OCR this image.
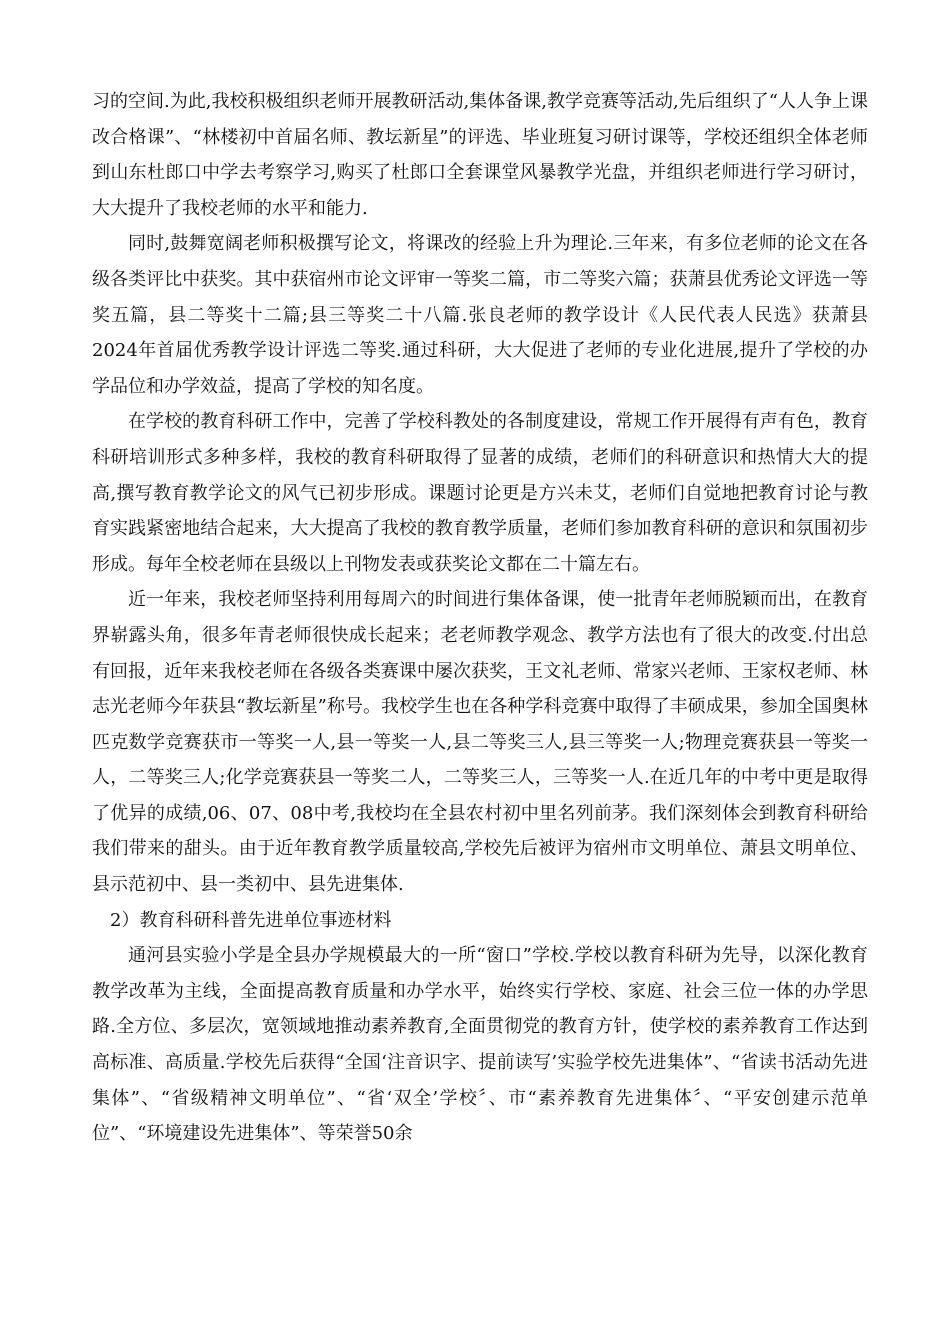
习的空间.为此,我校积极组织老师开展教研活动,集体备课,教学竞赛等活动,先后组织了“人人争上课改合格课”、“林楼初中首届名师、教坛新星”的评选、毕业班复习研讨课等，学校还组织全体老师到山东杜郎口中学去考察学习,购买了杜郎口全套课堂风暴教学光盘，并组织老师进行学习研讨，大大提升了我校老师的水平和能力.

同时,鼓舞宽阔老师积极撰写论文，将课改的经验上升为理论.三年来，有多位老师的论文在各级各类评比中获奖。其中获宿州市论文评审一等奖二篇，市二等奖六篇；获萧县优秀论文评选一等奖五篇，县二等奖十二篇;县三等奖二十八篇.张良老师的教学设计《人民代表人民选》获萧县2024年首届优秀教学设计评选二等奖.通过科研，大大促进了老师的专业化进展,提升了学校的办学品位和办学效益，提高了学校的知名度。

在学校的教育科研工作中，完善了学校科教处的各制度建设，常规工作开展得有声有色，教育科研培训形式多种多样，我校的教育科研取得了显著的成绩，老师们的科研意识和热情大大的提高,撰写教育教学论文的风气已初步形成。课题讨论更是方兴未艾，老师们自觉地把教育讨论与教育实践紧密地结合起来，大大提高了我校的教育教学质量，老师们参加教育科研的意识和氛围初步形成。每年全校老师在县级以上刊物发表或获奖论文都在二十篇左右。

近一年来，我校老师坚持利用每周六的时间进行集体备课，使一批青年老师脱颖而出，在教育界崭露头角，很多年青老师很快成长起来；老老师教学观念、教学方法也有了很大的改变.付出总有回报，近年来我校老师在各级各类赛课中屡次获奖，王文礼老师、常家兴老师、王家权老师、林志光老师今年获县“教坛新星”称号。我校学生也在各种学科竞赛中取得了丰硕成果，参加全国奥林匹克数学竞赛获市一等奖一人,县一等奖一人,县二等奖三人,县三等奖一人;物理竞赛获县一等奖一人，二等奖三人;化学竞赛获县一等奖二人，二等奖三人，三等奖一人.在近几年的中考中更是取得了优异的成绩,06、07、08中考,我校均在全县农村初中里名列前茅。我们深刻体会到教育科研给我们带来的甜头。由于近年教育教学质量较高,学校先后被评为宿州市文明单位、萧县文明单位、县示范初中、县一类初中、县先进集体.

2）教育科研科普先进单位事迹材料

通河县实验小学是全县办学规模最大的一所“窗口”学校.学校以教育科研为先导，以深化教育教学改革为主线，全面提高教育质量和办学水平，始终实行学校、家庭、社会三位一体的办学思路.全方位、多层次，宽领域地推动素养教育,全面贯彻党的教育方针，使学校的素养教育工作达到高标准、高质量.学校先后获得“全国‘注音识字、提前读写’实验学校先进集体”、“省读书活动先进集体”、“省级精神文明单位”、“省‘双全’学校〞、市“素养教育先进集体〞、“平安创建示范单位”、“环境建设先进集体”、等荣誉50余
